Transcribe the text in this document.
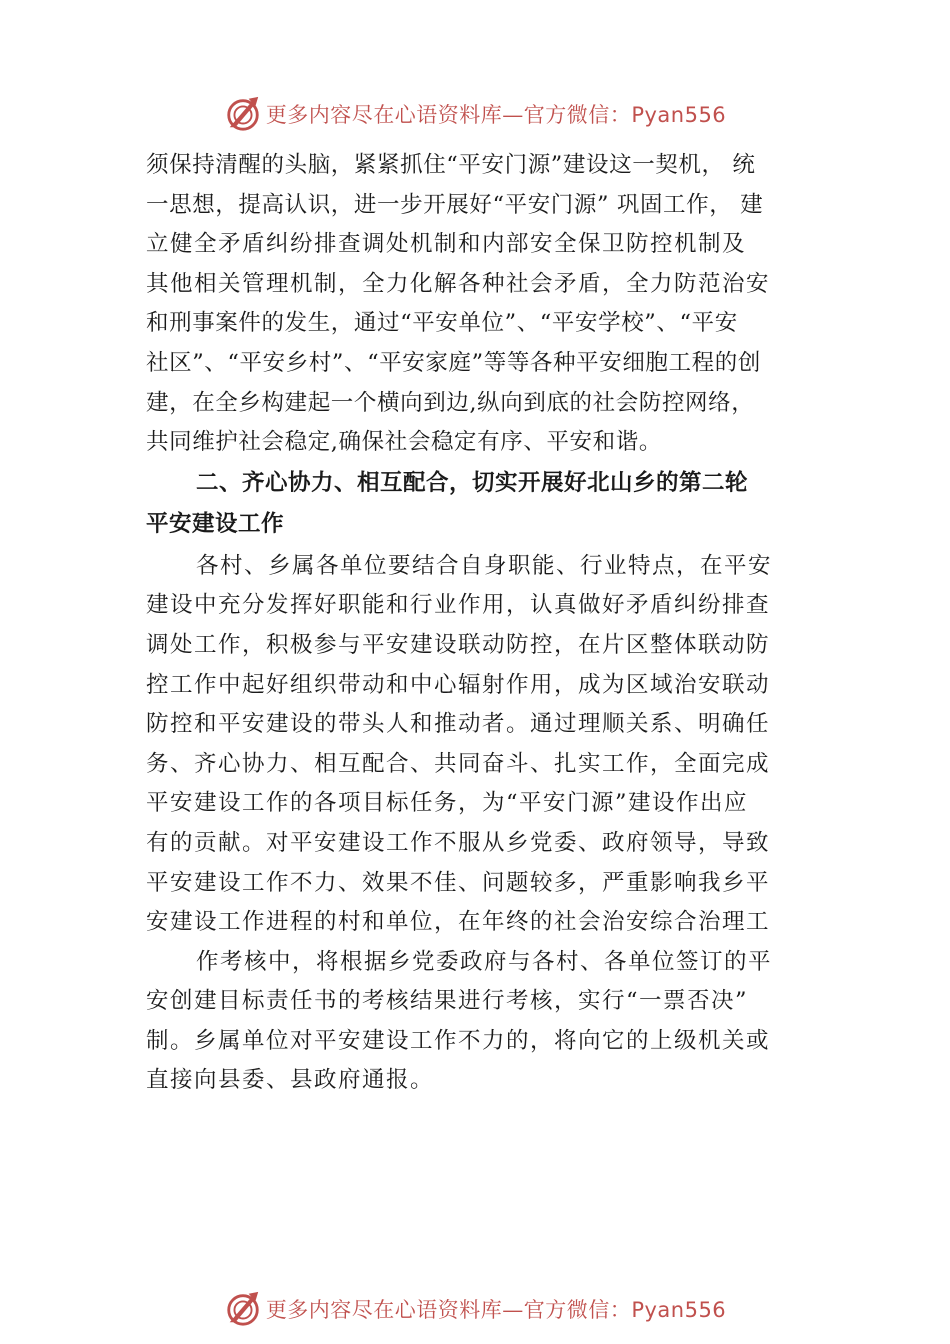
更多内容尽在心语资料库—官方微信：Pyan556
须保持清醒的头脑，紧紧抓住“平安门源”建设这一契机， 统
一思想，提高认识，进一步开展好“平安门源” 巩固工作， 建
立健全矛盾纠纷排查调处机制和内部安全保卫防控机制及
其他相关管理机制，全力化解各种社会矛盾，全力防范治安
和刑事案件的发生，通过“平安单位”、“平安学校”、“平安
社区”、“平安乡村”、“平安家庭”等等各种平安细胞工程的创
建，在全乡构建起一个横向到边,纵向到底的社会防控网络，
共同维护社会稳定,确保社会稳定有序、平安和谐。
二、齐心协力、相互配合，切实开展好北山乡的第二轮
平安建设工作
各村、乡属各单位要结合自身职能、行业特点，在平安
建设中充分发挥好职能和行业作用，认真做好矛盾纠纷排查
调处工作，积极参与平安建设联动防控，在片区整体联动防
控工作中起好组织带动和中心辐射作用，成为区域治安联动
防控和平安建设的带头人和推动者。通过理顺关系、明确任
务、齐心协力、相互配合、共同奋斗、扎实工作，全面完成
平安建设工作的各项目标任务，为“平安门源”建设作出应
有的贡献。对平安建设工作不服从乡党委、政府领导，导致
平安建设工作不力、效果不佳、问题较多，严重影响我乡平
安建设工作进程的村和单位，在年终的社会治安综合治理工
作考核中，将根据乡党委政府与各村、各单位签订的平
安创建目标责任书的考核结果进行考核，实行“一票否决”
制。乡属单位对平安建设工作不力的，将向它的上级机关或
直接向县委、县政府通报。
更多内容尽在心语资料库—官方微信：Pyan556
